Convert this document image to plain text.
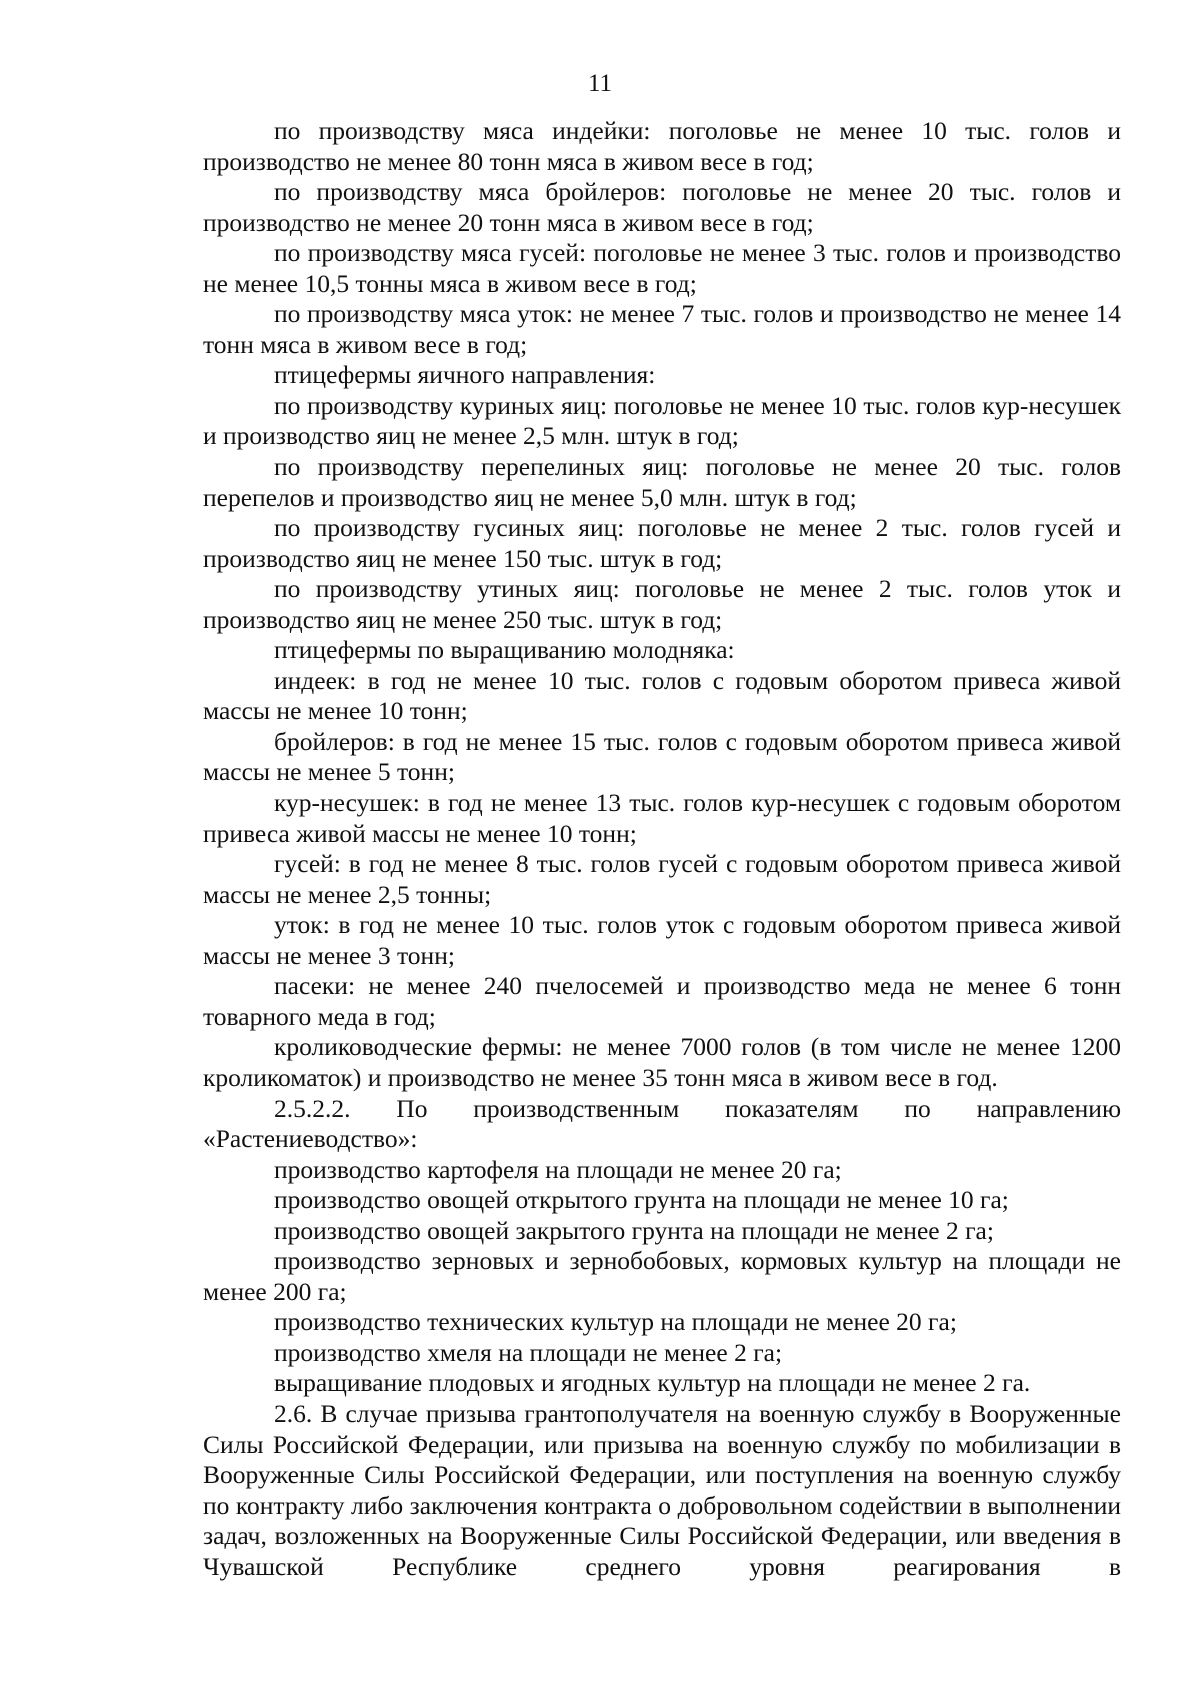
11

по производству мяса индейки: поголовье не менее 10 тыс. голов и производство не менее 80 тонн мяса в живом весе в год;

по производству мяса бройлеров: поголовье не менее 20 тыс. голов и производство не менее 20 тонн мяса в живом весе в год;

по производству мяса гусей: поголовье не менее 3 тыс. голов и производство не менее 10,5 тонны мяса в живом весе в год;

по производству мяса уток: не менее 7 тыс. голов и производство не менее 14 тонн мяса в живом весе в год;

птицефермы яичного направления:

по производству куриных яиц: поголовье не менее 10 тыс. голов кур-несушек и производство яиц не менее 2,5 млн. штук в год;

по производству перепелиных яиц: поголовье не менее 20 тыс. голов перепелов и производство яиц не менее 5,0 млн. штук в год;

по производству гусиных яиц: поголовье не менее 2 тыс. голов гусей и производство яиц не менее 150 тыс. штук в год;

по производству утиных яиц: поголовье не менее 2 тыс. голов уток и производство яиц не менее 250 тыс. штук в год;

птицефермы по выращиванию молодняка:

индеек: в год не менее 10 тыс. голов с годовым оборотом привеса живой массы не менее 10 тонн;

бройлеров: в год не менее 15 тыс. голов с годовым оборотом привеса живой массы не менее 5 тонн;

кур-несушек: в год не менее 13 тыс. голов кур-несушек с годовым оборотом привеса живой массы не менее 10 тонн;

гусей: в год не менее 8 тыс. голов гусей с годовым оборотом привеса живой массы не менее 2,5 тонны;

уток: в год не менее 10 тыс. голов уток с годовым оборотом привеса живой массы не менее 3 тонн;

пасеки: не менее 240 пчелосемей и производство меда не менее 6 тонн товарного меда в год;

кролиководческие фермы: не менее 7000 голов (в том числе не менее 1200 кроликоматок) и производство не менее 35 тонн мяса в живом весе в год.

2.5.2.2. По производственным показателям по направлению «Растениеводство»:

производство картофеля на площади не менее 20 га;

производство овощей открытого грунта на площади не менее 10 га;

производство овощей закрытого грунта на площади не менее 2 га;

производство зерновых и зернобобовых, кормовых культур на площади не менее 200 га;

производство технических культур на площади не менее 20 га;

производство хмеля на площади не менее 2 га;

выращивание плодовых и ягодных культур на площади не менее 2 га.

2.6. В случае призыва грантополучателя на военную службу в Вооруженные Силы Российской Федерации, или призыва на военную службу по мобилизации в Вооруженные Силы Российской Федерации, или поступления на военную службу по контракту либо заключения контракта о добровольном содействии в выполнении задач, возложенных на Вооруженные Силы Российской Федерации, или введения в Чувашской Республике среднего уровня реагирования в
